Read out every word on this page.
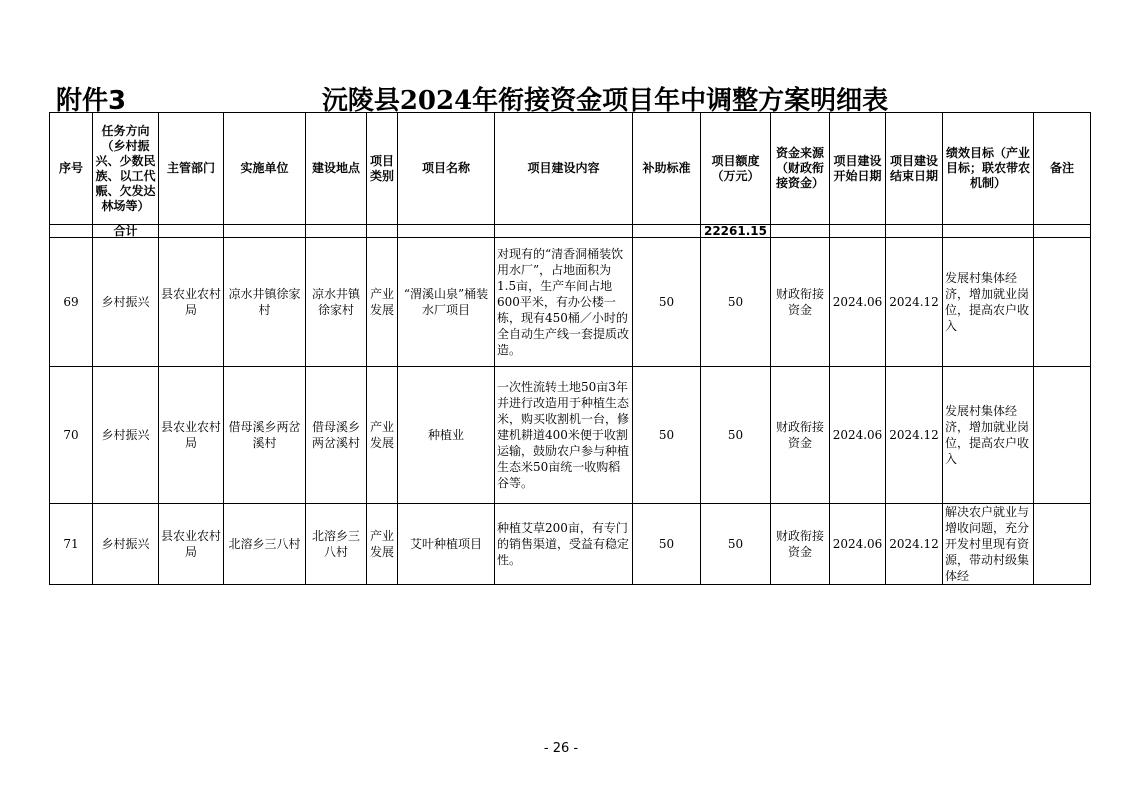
附件3	沅陵县2024年衔接资金项目年中调整方案明细表
序号	任务方向（乡村振兴、少数民族、以工代赈、欠发达林场等）	主管部门	实施单位	建设地点	项目类别	项目名称	项目建设内容	补助标准	项目额度（万元）	资金来源（财政衔接资金）	项目建设开始日期	项目建设结束日期	绩效目标（产业目标；联农带农机制）	备注
	合计								22261.15					
69	乡村振兴	县农业农村局	凉水井镇徐家村	凉水井镇徐家村	产业发展	“渭溪山泉”桶装水厂项目	对现有的“清香洞桶装饮用水厂”，占地面积为1.5亩，生产车间占地600平米，有办公楼一栋，现有450桶／小时的全自动生产线一套提质改造。	50	50	财政衔接资金	2024.06	2024.12	发展村集体经济，增加就业岗位，提高农户收入	
70	乡村振兴	县农业农村局	借母溪乡两岔溪村	借母溪乡两岔溪村	产业发展	种植业	一次性流转土地50亩3年并进行改造用于种植生态米，购买收割机一台，修建机耕道400米便于收割运输，鼓励农户参与种植生态米50亩统一收购稻谷等。	50	50	财政衔接资金	2024.06	2024.12	发展村集体经济，增加就业岗位，提高农户收入	
71	乡村振兴	县农业农村局	北溶乡三八村	北溶乡三八村	产业发展	艾叶种植项目	种植艾草200亩，有专门的销售渠道，受益有稳定性。	50	50	财政衔接资金	2024.06	2024.12	解决农户就业与增收问题，充分开发村里现有资源，带动村级集体经	

- 26 -
